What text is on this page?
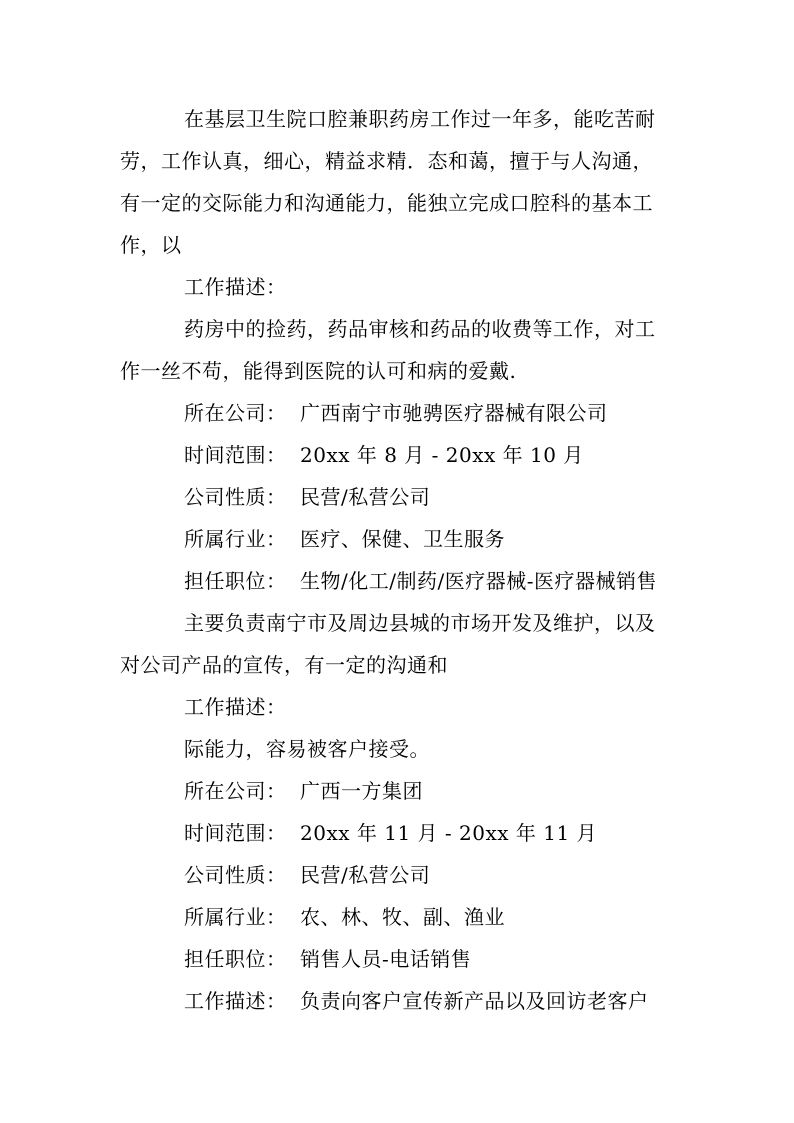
在基层卫生院口腔兼职药房工作过一年多，能吃苦耐
劳，工作认真，细心，精益求精．态和蔼，擅于与人沟通，
有一定的交际能力和沟通能力，能独立完成口腔科的基本工
作，以
工作描述：
药房中的捡药，药品审核和药品的收费等工作，对工
作一丝不苟，能得到医院的认可和病的爱戴.
所在公司： 广西南宁市驰骋医疗器械有限公司
时间范围： 20xx 年 8 月 - 20xx 年 10 月
公司性质： 民营/私营公司
所属行业： 医疗、保健、卫生服务
担任职位： 生物/化工/制药/医疗器械-医疗器械销售
主要负责南宁市及周边县城的市场开发及维护，以及
对公司产品的宣传，有一定的沟通和
工作描述：
际能力，容易被客户接受。
所在公司： 广西一方集团
时间范围： 20xx 年 11 月 - 20xx 年 11 月
公司性质： 民营/私营公司
所属行业： 农、林、牧、副、渔业
担任职位： 销售人员-电话销售
工作描述： 负责向客户宣传新产品以及回访老客户
